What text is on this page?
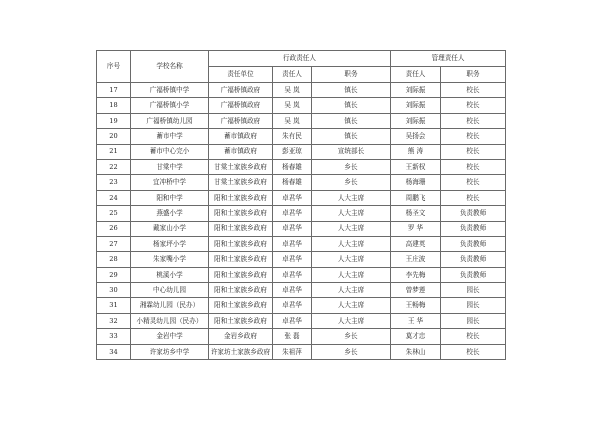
序号	学校名称	行政责任人			管理责任人	
		责任单位	责任人	职务	责任人	职务
17	广福桥镇中学	广福桥镇政府	吴 岚	镇长	刘际振	校长
18	广福桥镇小学	广福桥镇政府	吴 岚	镇长	刘际振	校长
19	广福桥镇幼儿园	广福桥镇政府	吴 岚	镇长	刘际振	校长
20	蓄市中学	蓄市镇政府	朱有民	镇长	吴扬会	校长
21	蓄市中心完小	蓄市镇政府	彭亚琼	宣统部长	熊 涛	校长
22	甘棠中学	甘棠土家族乡政府	杨春雄	乡长	王新权	校长
23	宜冲桥中学	甘棠土家族乡政府	杨春雄	乡长	杨海珊	校长
24	阳和中学	阳和土家族乡政府	卓君华	人大主席	周鹏飞	校长
25	燕盛小学	阳和土家族乡政府	卓君华	人大主席	杨圣文	负责教师
26	戴家山小学	阳和土家族乡政府	卓君华	人大主席	罗 华	负责教师
27	杨家坪小学	阳和土家族乡政府	卓君华	人大主席	高建英	负责教师
28	朱家嘴小学	阳和土家族乡政府	卓君华	人大主席	王庄波	负责教师
29	桃溪小学	阳和土家族乡政府	卓君华	人大主席	李先梅	负责教师
30	中心幼儿园	阳和土家族乡政府	卓君华	人大主席	曾梦莲	园长
31	湘霖幼儿园（民办）	阳和土家族乡政府	卓君华	人大主席	王畅梅	园长
32	小精灵幼儿园（民办）	阳和土家族乡政府	卓君华	人大主席	王 华	园长
33	金岩中学	金岩乡政府	张 磊	乡长	莫才忠	校长
34	许家坊乡中学	许家坊土家族乡政府	朱祖萍	乡长	朱林山	校长
